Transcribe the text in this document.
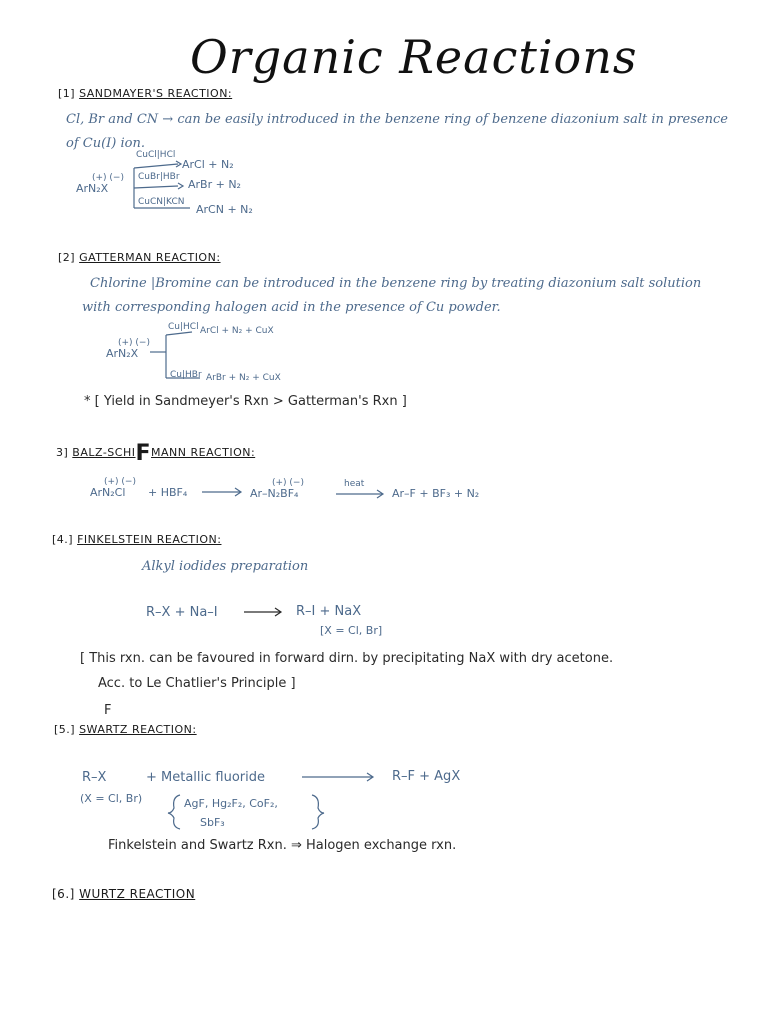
Organic Reactions
[1] SANDMAYER'S REACTION:
Cl, Br and CN → can be easily introduced in the benzene ring of benzene diazonium salt in presence
of Cu(I) ion.
(+) (−)
ArN₂X
CuCl|HCl
CuBr|HBr
CuCN|KCN
ArCl + N₂
ArBr + N₂
ArCN + N₂
[2] GATTERMAN REACTION:
Chlorine |Bromine can be introduced in the benzene ring by treating diazonium salt solution
with corresponding halogen acid in the presence of Cu powder.
(+) (−)
ArN₂X
Cu|HCl
Cu|HBr
ArCl + N₂ + CuX
ArBr + N₂ + CuX
* [ Yield in Sandmeyer's Rxn > Gatterman's Rxn ]
3] BALZ-SCHIFMANN REACTION:
(+) (−)
ArN₂Cl + HBF₄
(+) (−)
Ar–N₂BF₄
heat
Ar–F + BF₃ + N₂
[4.] FINKELSTEIN REACTION:
Alkyl iodides preparation
R–X + Na–I	R–I + NaX
[X = Cl, Br]
[ This rxn. can be favoured in forward dirn. by precipitating NaX with dry acetone.
Acc. to Le Chatlier's Principle ]
F
[5.] SWARTZ REACTION:
R–X	+ Metallic fluoride	R–F + AgX
(X = Cl, Br)	AgF, Hg₂F₂, CoF₂,
SbF₃
Finkelstein and Swartz Rxn. ⇒ Halogen exchange rxn.
[6.] WURTZ REACTION
